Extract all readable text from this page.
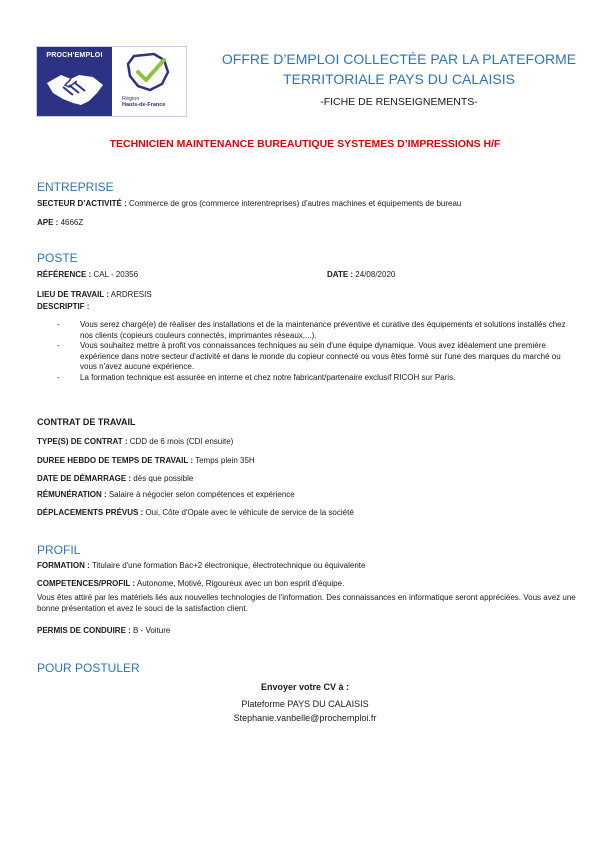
PROCH'EMPLOI
Région
Hauts-de-France
OFFRE D’EMPLOI COLLECTÉE PAR LA PLATEFORME
TERRITORIALE PAYS DU CALAISIS
-FICHE DE RENSEIGNEMENTS-
TECHNICIEN MAINTENANCE BUREAUTIQUE SYSTEMES D’IMPRESSIONS H/F
ENTREPRISE
SECTEUR D’ACTIVITÉ : Commerce de gros (commerce interentreprises) d'autres machines et équipements de bureau
APE : 4666Z
POSTE
RÉFÉRENCE : CAL - 20356	DATE : 24/08/2020
LIEU DE TRAVAIL : ARDRESIS
DESCRIPTIF :
- Vous serez chargé(e) de réaliser des installations et de la maintenance préventive et curative des équipements et solutions installés chez nos clients (copieurs couleurs connectés, imprimantes réseaux,...).
- Vous souhaitez mettre à profit vos connaissances techniques au sein d'une équipe dynamique. Vous avez idéalement une première expérience dans notre secteur d'activité et dans le monde du copieur connecté ou vous êtes formé sur l'une des marques du marché ou vous n'avez aucune expérience.
- La formation technique est assurée en interne et chez notre fabricant/partenaire exclusif RICOH sur Paris.
CONTRAT DE TRAVAIL
TYPE(S) DE CONTRAT : CDD de 6 mois (CDI ensuite)
DUREE HEBDO DE TEMPS DE TRAVAIL : Temps plein 35H
DATE DE DÉMARRAGE : dès que possible
RÉMUNÉRATION : Salaire à négocier selon compétences et expérience
DÉPLACEMENTS PRÉVUS : Oui, Côte d'Opale avec le véhicule de service de la société
PROFIL
FORMATION : Titulaire d'une formation Bac+2 électronique, électrotechnique ou équivalente
COMPETENCES/PROFIL : Autonome, Motivé, Rigoureux avec un bon esprit d'équipe.
Vous êtes attiré par les matériels liés aux nouvelles technologies de l'information. Des connaissances en informatique seront appréciées. Vous avez une bonne présentation et avez le souci de la satisfaction client.
PERMIS DE CONDUIRE : B - Voiture
POUR POSTULER
Envoyer votre CV à :
Plateforme PAYS DU CALAISIS
Stephanie.vanbelle@prochemploi.fr
